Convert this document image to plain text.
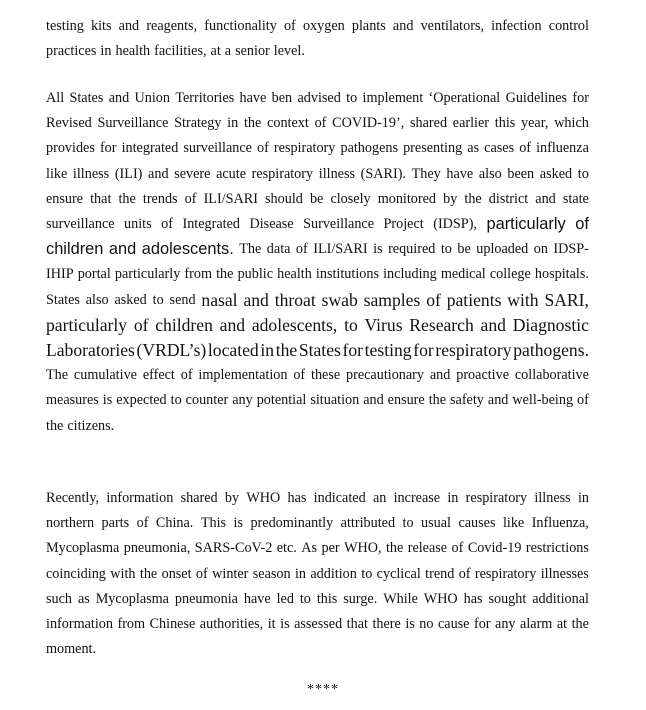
testing kits and reagents, functionality of oxygen plants and ventilators, infection control
practices in health facilities, at a senior level.
All States and Union Territories have ben advised to implement ‘Operational Guidelines for
Revised Surveillance Strategy in the context of COVID-19’, shared earlier this year, which
provides for integrated surveillance of respiratory pathogens presenting as cases of influenza
like illness (ILI) and severe acute respiratory illness (SARI). They have also been asked to
ensure that the trends of ILI/SARI should be closely monitored by the district and state
surveillance units of Integrated Disease Surveillance Project (IDSP), particularly of
children and adolescents. The data of ILI/SARI is required to be uploaded on IDSP-
IHIP portal particularly from the public health institutions including medical college hospitals.
States also asked to send nasal and throat swab samples of patients with SARI,
particularly of children and adolescents, to Virus Research and Diagnostic
Laboratories (VRDL’s) located in the States for testing for respiratory pathogens.
The cumulative effect of implementation of these precautionary and proactive collaborative
measures is expected to counter any potential situation and ensure the safety and well-being of
the citizens.
Recently, information shared by WHO has indicated an increase in respiratory illness in
northern parts of China. This is predominantly attributed to usual causes like Influenza,
Mycoplasma pneumonia, SARS-CoV-2 etc. As per WHO, the release of Covid-19 restrictions
coinciding with the onset of winter season in addition to cyclical trend of respiratory illnesses
such as Mycoplasma pneumonia have led to this surge. While WHO has sought additional
information from Chinese authorities, it is assessed that there is no cause for any alarm at the
moment.
****
